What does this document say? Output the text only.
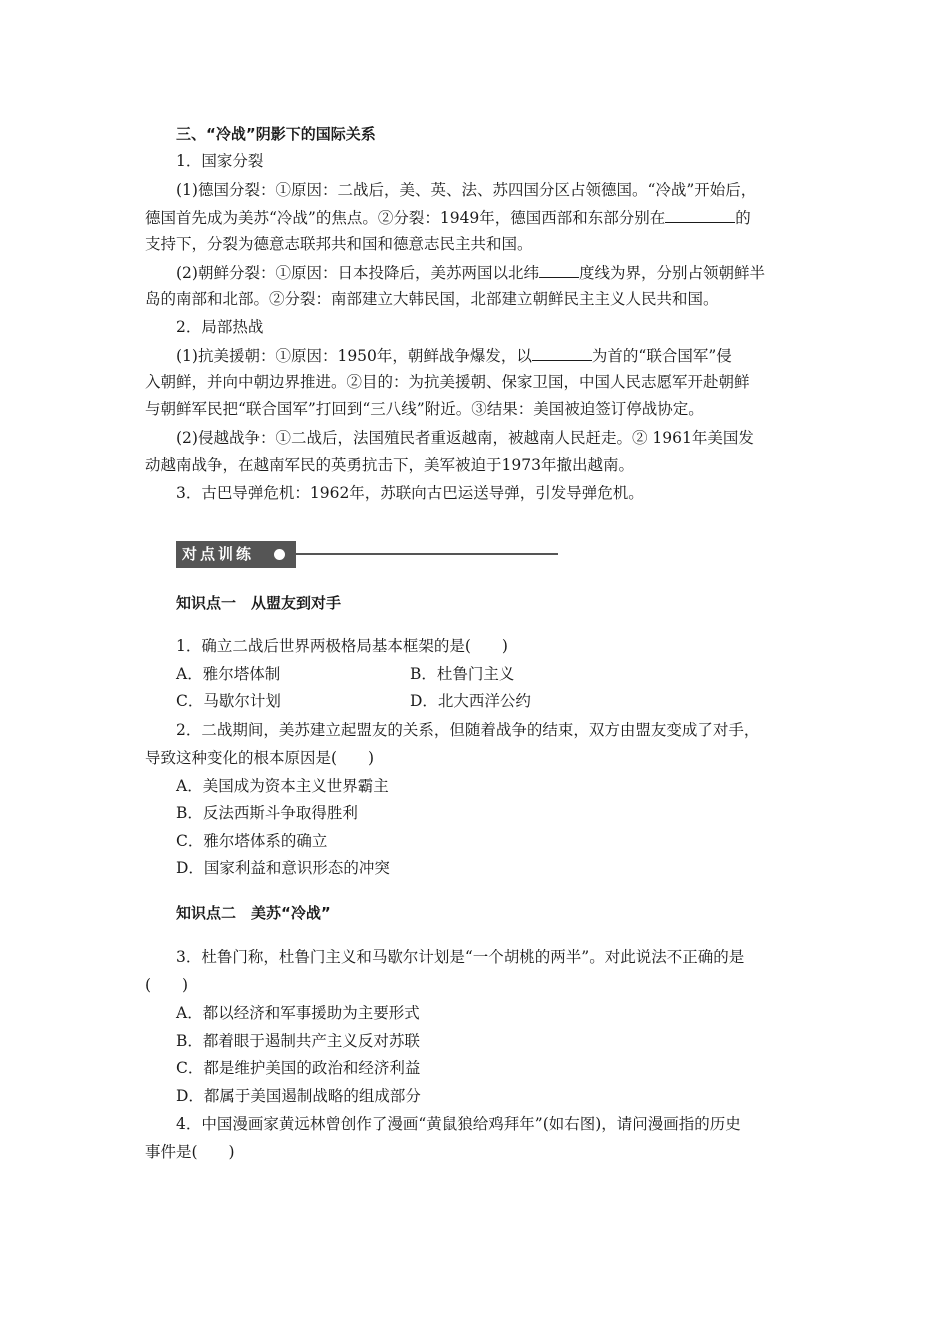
三、“冷战”阴影下的国际关系
1．国家分裂
(1)德国分裂：①原因：二战后，美、英、法、苏四国分区占领德国。“冷战”开始后，
德国首先成为美苏“冷战”的焦点。②分裂：1949年，德国西部和东部分别在	的
支持下，分裂为德意志联邦共和国和德意志民主共和国。
(2)朝鲜分裂：①原因：日本投降后，美苏两国以北纬	度线为界，分别占领朝鲜半
岛的南部和北部。②分裂：南部建立大韩民国，北部建立朝鲜民主主义人民共和国。
2．局部热战
(1)抗美援朝：①原因：1950年，朝鲜战争爆发，以	为首的“联合国军”侵
入朝鲜，并向中朝边界推进。②目的：为抗美援朝、保家卫国，中国人民志愿军开赴朝鲜
与朝鲜军民把“联合国军”打回到“三八线”附近。③结果：美国被迫签订停战协定。
(2)侵越战争：①二战后，法国殖民者重返越南，被越南人民赶走。② 1961年美国发
动越南战争，在越南军民的英勇抗击下，美军被迫于1973年撤出越南。
3．古巴导弹危机：1962年，苏联向古巴运送导弹，引发导弹危机。
对点训练
知识点一　从盟友到对手
1．确立二战后世界两极格局基本框架的是(　　)
A．雅尔塔体制	B．杜鲁门主义
C．马歇尔计划	D．北大西洋公约
2．二战期间，美苏建立起盟友的关系，但随着战争的结束，双方由盟友变成了对手，
导致这种变化的根本原因是(　　)
A．美国成为资本主义世界霸主
B．反法西斯斗争取得胜利
C．雅尔塔体系的确立
D．国家利益和意识形态的冲突
知识点二　美苏“冷战”
3．杜鲁门称，杜鲁门主义和马歇尔计划是“一个胡桃的两半”。对此说法不正确的是
(　　)
A．都以经济和军事援助为主要形式
B．都着眼于遏制共产主义反对苏联
C．都是维护美国的政治和经济利益
D．都属于美国遏制战略的组成部分
4．中国漫画家黄远林曾创作了漫画“黄鼠狼给鸡拜年”(如右图)，请问漫画指的历史
事件是(　　)
